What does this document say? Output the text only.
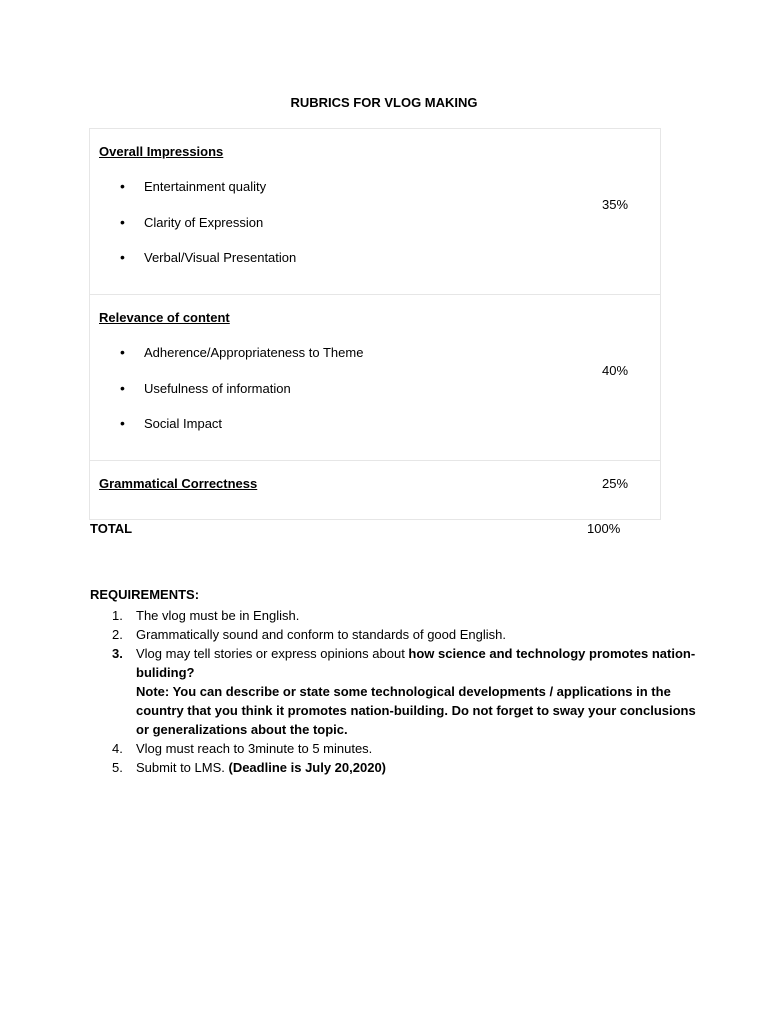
RUBRICS FOR VLOG MAKING
Overall Impressions
• Entertainment quality
• Clarity of Expression
• Verbal/Visual Presentation
35%
Relevance of content
• Adherence/Appropriateness to Theme
• Usefulness of information
• Social Impact
40%
Grammatical Correctness	25%
TOTAL	100%
REQUIREMENTS:
1. The vlog must be in English.
2. Grammatically sound and conform to standards of good English.
3. Vlog may tell stories or express opinions about how science and technology promotes nation-buliding?
Note: You can describe or state some technological developments / applications in the country that you think it promotes nation-building. Do not forget to sway your conclusions or generalizations about the topic.
4. Vlog must reach to 3minute to 5 minutes.
5. Submit to LMS. (Deadline is July 20,2020)
